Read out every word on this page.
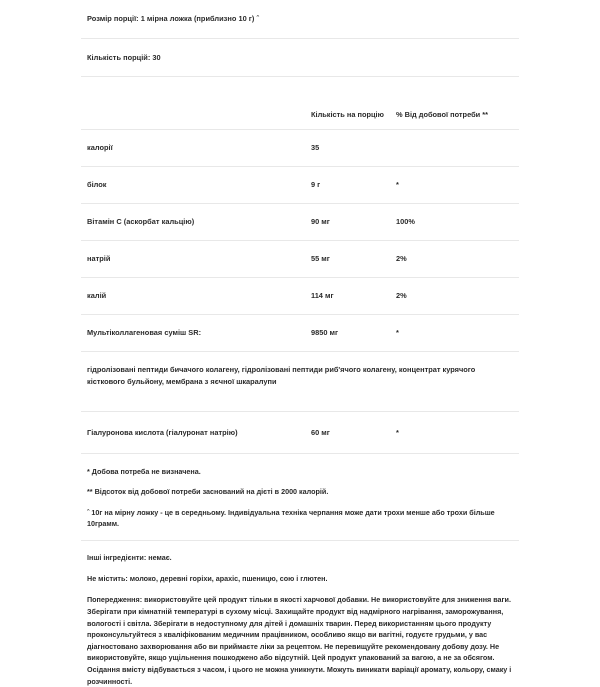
Розмір порції: 1 мірна ложка (приблизно 10 г) ˆ
Кількість порцій: 30
Кількість на порцію % Від добової потреби **
калорії	35
білок	9 г	*
Вітамін С (аскорбат кальцію)	90 мг	100%
натрій	55 мг	2%
калій	114 мг	2%
Мультіколлагеновая суміш SR:	9850 мг	*
гідролізовані пептиди бичачого колагену, гідролізовані пептиди риб'ячого колагену, концентрат курячого кісткового бульйону, мембрана з яєчної шкаралупи
Гіалуронова кислота (гіалуронат натрію)	60 мг	*
* Добова потреба не визначена.
** Відсоток від добової потреби заснований на дієті в 2000 калорій.
ˆ 10г на мірну ложку - це в середньому. Індивідуальна техніка черпання може дати трохи менше або трохи більше 10грамм.

Інші інгредієнти: немає.

Не містить: молоко, деревні горіхи, арахіс, пшеницю, сою і глютен.

Попередження: використовуйте цей продукт тільки в якості харчової добавки. Не використовуйте для зниження ваги. Зберігати при кімнатній температурі в сухому місці. Захищайте продукт від надмірного нагрівання, заморожування, вологості і світла. Зберігати в недоступному для дітей і домашніх тварин. Перед використанням цього продукту проконсультуйтеся з кваліфікованим медичним працівником, особливо якщо ви вагітні, годуєте грудьми, у вас діагностовано захворювання або ви приймаєте ліки за рецептом. Не перевищуйте рекомендовану добову дозу. Не використовуйте, якщо ущільнення пошкоджено або відсутній. Цей продукт упакований за вагою, а не за обсягом. Осідання вмісту відбувається з часом, і цього не можна уникнути. Можуть виникати варіації аромату, кольору, смаку і розчинності.
